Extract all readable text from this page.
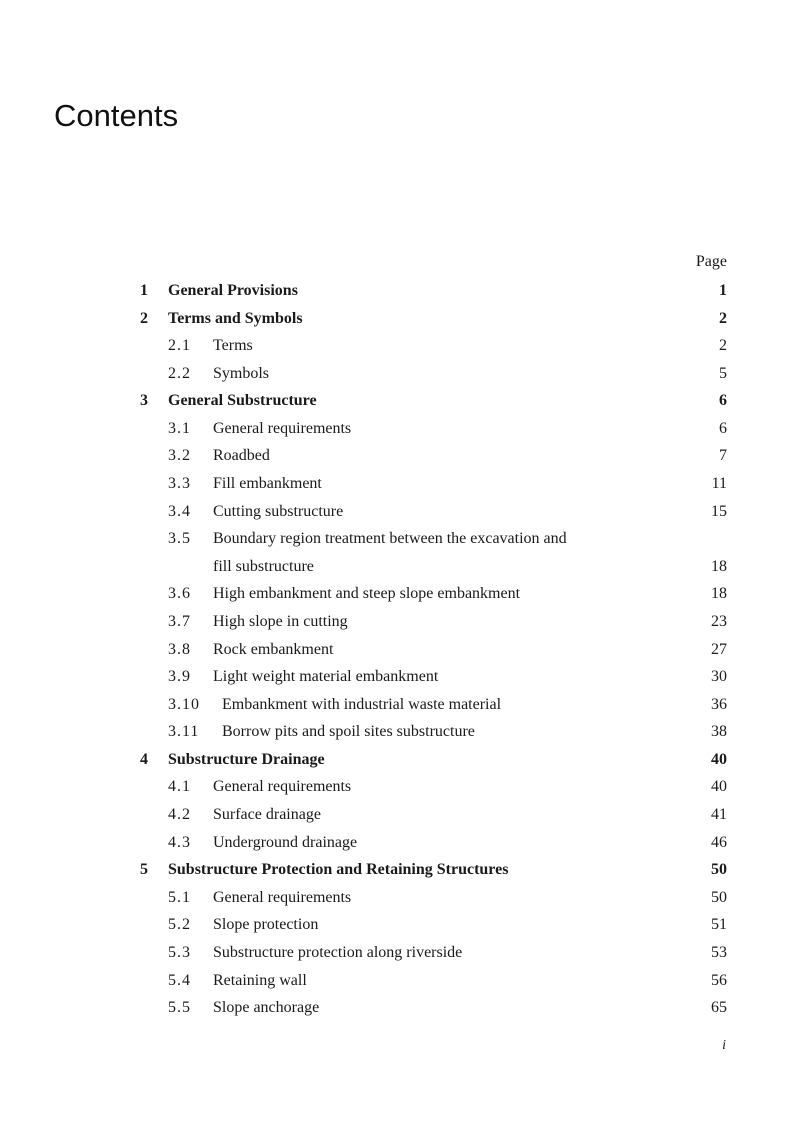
Contents
Page
1 General Provisions	1
2 Terms and Symbols	2
2.1 Terms	2
2.2 Symbols	5
3 General Substructure	6
3.1 General requirements	6
3.2 Roadbed	7
3.3 Fill embankment	11
3.4 Cutting substructure	15
3.5 Boundary region treatment between the excavation and
fill substructure	18
3.6 High embankment and steep slope embankment	18
3.7 High slope in cutting	23
3.8 Rock embankment	27
3.9 Light weight material embankment	30
3.10 Embankment with industrial waste material	36
3.11 Borrow pits and spoil sites substructure	38
4 Substructure Drainage	40
4.1 General requirements	40
4.2 Surface drainage	41
4.3 Underground drainage	46
5 Substructure Protection and Retaining Structures	50
5.1 General requirements	50
5.2 Slope protection	51
5.3 Substructure protection along riverside	53
5.4 Retaining wall	56
5.5 Slope anchorage	65
i
